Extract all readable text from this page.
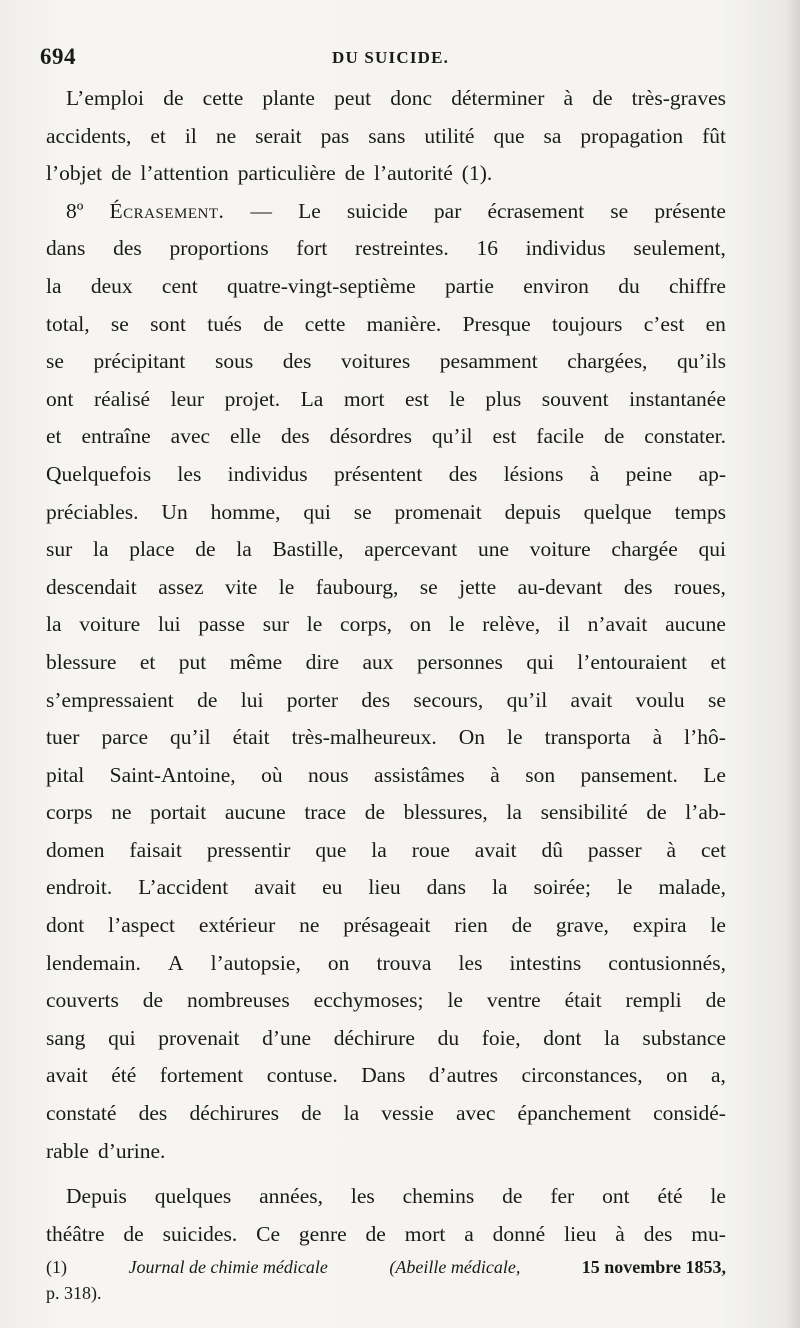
694	DU SUICIDE.
L’emploi de cette plante peut donc déterminer à de très-graves
accidents, et il ne serait pas sans utilité que sa propagation fût
l’objet de l’attention particulière de l’autorité (1).
8º Écrasement. — Le suicide par écrasement se présente
dans des proportions fort restreintes. 16 individus seulement,
la deux cent quatre-vingt-septième partie environ du chiffre
total, se sont tués de cette manière. Presque toujours c’est en
se précipitant sous des voitures pesamment chargées, qu’ils
ont réalisé leur projet. La mort est le plus souvent instantanée
et entraîne avec elle des désordres qu’il est facile de constater.
Quelquefois les individus présentent des lésions à peine ap-
préciables. Un homme, qui se promenait depuis quelque temps
sur la place de la Bastille, apercevant une voiture chargée qui
descendait assez vite le faubourg, se jette au-devant des roues,
la voiture lui passe sur le corps, on le relève, il n’avait aucune
blessure et put même dire aux personnes qui l’entouraient et
s’empressaient de lui porter des secours, qu’il avait voulu se
tuer parce qu’il était très-malheureux. On le transporta à l’hô-
pital Saint-Antoine, où nous assistâmes à son pansement. Le
corps ne portait aucune trace de blessures, la sensibilité de l’ab-
domen faisait pressentir que la roue avait dû passer à cet
endroit. L’accident avait eu lieu dans la soirée; le malade,
dont l’aspect extérieur ne présageait rien de grave, expira le
lendemain. A l’autopsie, on trouva les intestins contusionnés,
couverts de nombreuses ecchymoses; le ventre était rempli de
sang qui provenait d’une déchirure du foie, dont la substance
avait été fortement contuse. Dans d’autres circonstances, on a,
constaté des déchirures de la vessie avec épanchement considé-
rable d’urine.
Depuis quelques années, les chemins de fer ont été le
théâtre de suicides. Ce genre de mort a donné lieu à des mu-
(1)	Journal de chimie médicale	(Abeille médicale,	15 novembre 1853,
p. 318).
